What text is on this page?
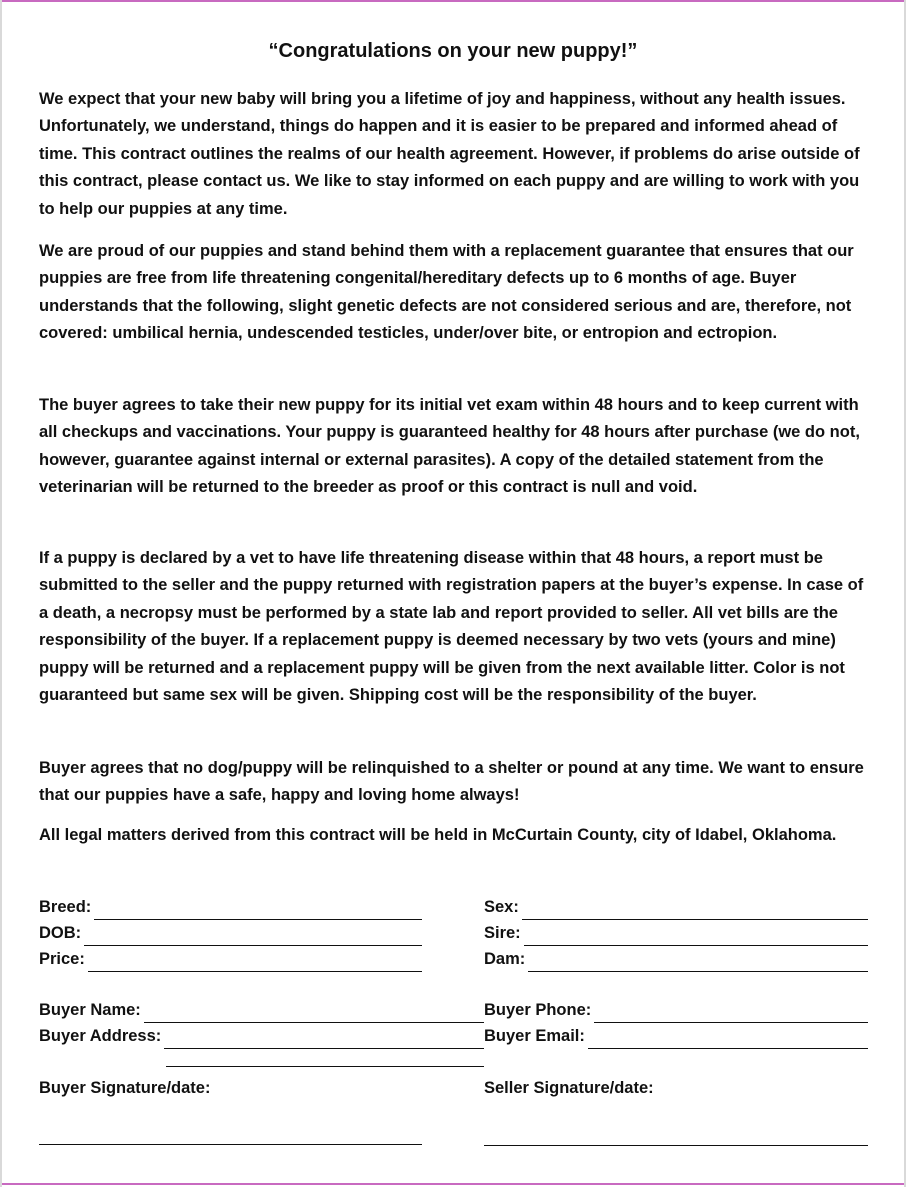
“Congratulations on your new puppy!”

We expect that your new baby will bring you a lifetime of joy and happiness, without any health issues. Unfortunately, we understand, things do happen and it is easier to be prepared and informed ahead of time. This contract outlines the realms of our health agreement. However, if problems do arise outside of this contract, please contact us. We like to stay informed on each puppy and are willing to work with you to help our puppies at any time.

We are proud of our puppies and stand behind them with a replacement guarantee that ensures that our puppies are free from life threatening congenital/hereditary defects up to 6 months of age. Buyer understands that the following, slight genetic defects are not considered serious and are, therefore, not covered: umbilical hernia, undescended testicles, under/over bite, or entropion and ectropion.

The buyer agrees to take their new puppy for its initial vet exam within 48 hours and to keep current with all checkups and vaccinations. Your puppy is guaranteed healthy for 48 hours after purchase (we do not, however, guarantee against internal or external parasites). A copy of the detailed statement from the veterinarian will be returned to the breeder as proof or this contract is null and void.

If a puppy is declared by a vet to have life threatening disease within that 48 hours, a report must be submitted to the seller and the puppy returned with registration papers at the buyer’s expense. In case of a death, a necropsy must be performed by a state lab and report provided to seller. All vet bills are the responsibility of the buyer. If a replacement puppy is deemed necessary by two vets (yours and mine) puppy will be returned and a replacement puppy will be given from the next available litter. Color is not guaranteed but same sex will be given. Shipping cost will be the responsibility of the buyer.

Buyer agrees that no dog/puppy will be relinquished to a shelter or pound at any time. We want to ensure that our puppies have a safe, happy and loving home always!

All legal matters derived from this contract will be held in McCurtain County, city of Idabel, Oklahoma.

Breed:
DOB:
Price:
Sex:
Sire:
Dam:
Buyer Name:
Buyer Address:
Buyer Phone:
Buyer Email:
Buyer Signature/date:	Seller Signature/date:
